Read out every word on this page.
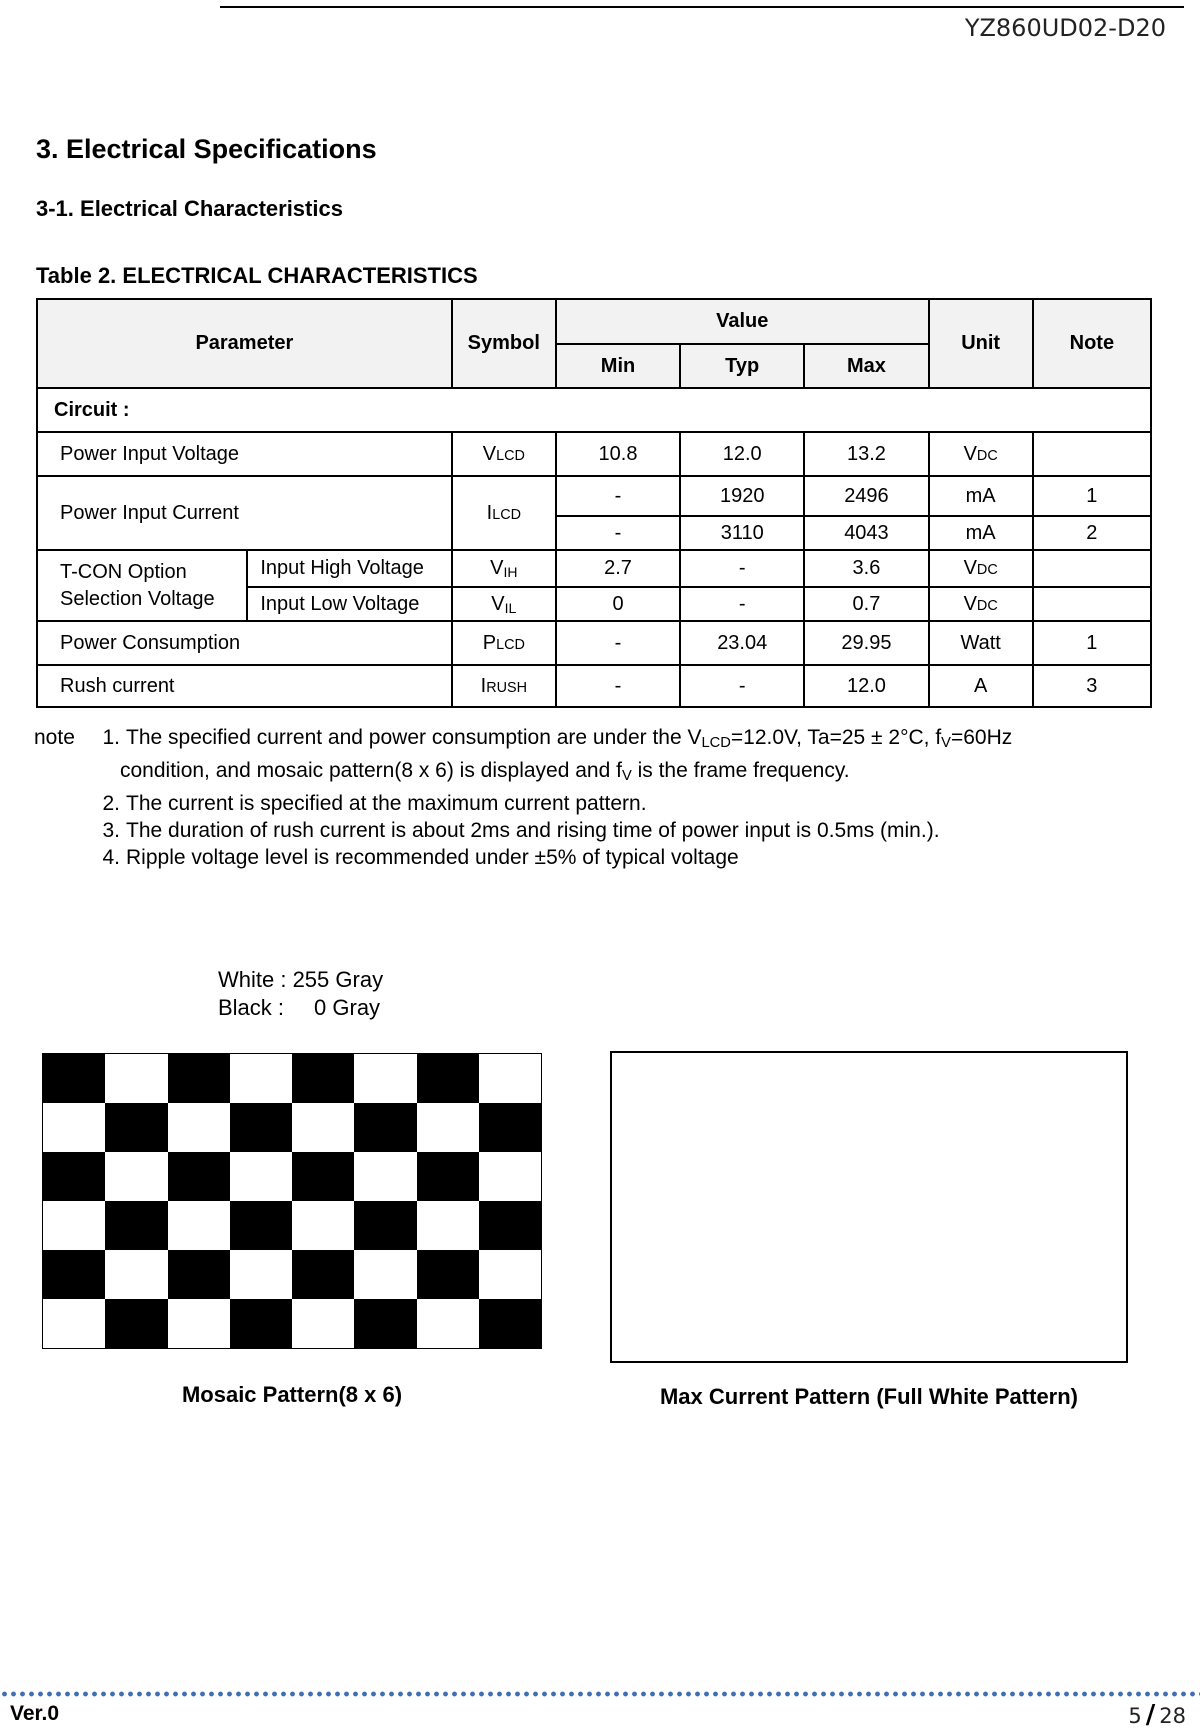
YZ860UD02-D20
3. Electrical Specifications
3-1. Electrical Characteristics
Table 2. ELECTRICAL CHARACTERISTICS
Parameter		Symbol	Value			Unit	Note
			Min	Typ	Max		
Circuit :							
Power Input Voltage		VLCD	10.8	12.0	13.2	VDC	
Power Input Current		ILCD	-	1920	2496	mA	1
			-	3110	4043	mA	2

T-CON Option
Selection Voltage	Input High Voltage	$V_{IH}$	2.7	-	3.6	VDC	
	Input Low Voltage	$V_{IL}$	0	-	0.7	VDC	
Power Consumption		PLCD	-	23.04	29.95	Watt	1
Rush current		IRUSH	-	-	12.0	A	3
note	1. The specified current and power consumption are under the $V_{LCD}=12.0V$, Ta=25 ± 2°C, $f_V=60Hz$
condition, and mosaic pattern(8 x 6) is displayed and $f_V$ is the frame frequency.
2. The current is specified at the maximum current pattern.
3. The duration of rush current is about 2ms and rising time of power input is 0.5ms (min.).
4. Ripple voltage level is recommended under ±5% of typical voltage
White : 255 Gray
Black : 0 Gray
Mosaic Pattern(8 x 6)	Max Current Pattern (Full White Pattern)
Ver.0	5 / 28
